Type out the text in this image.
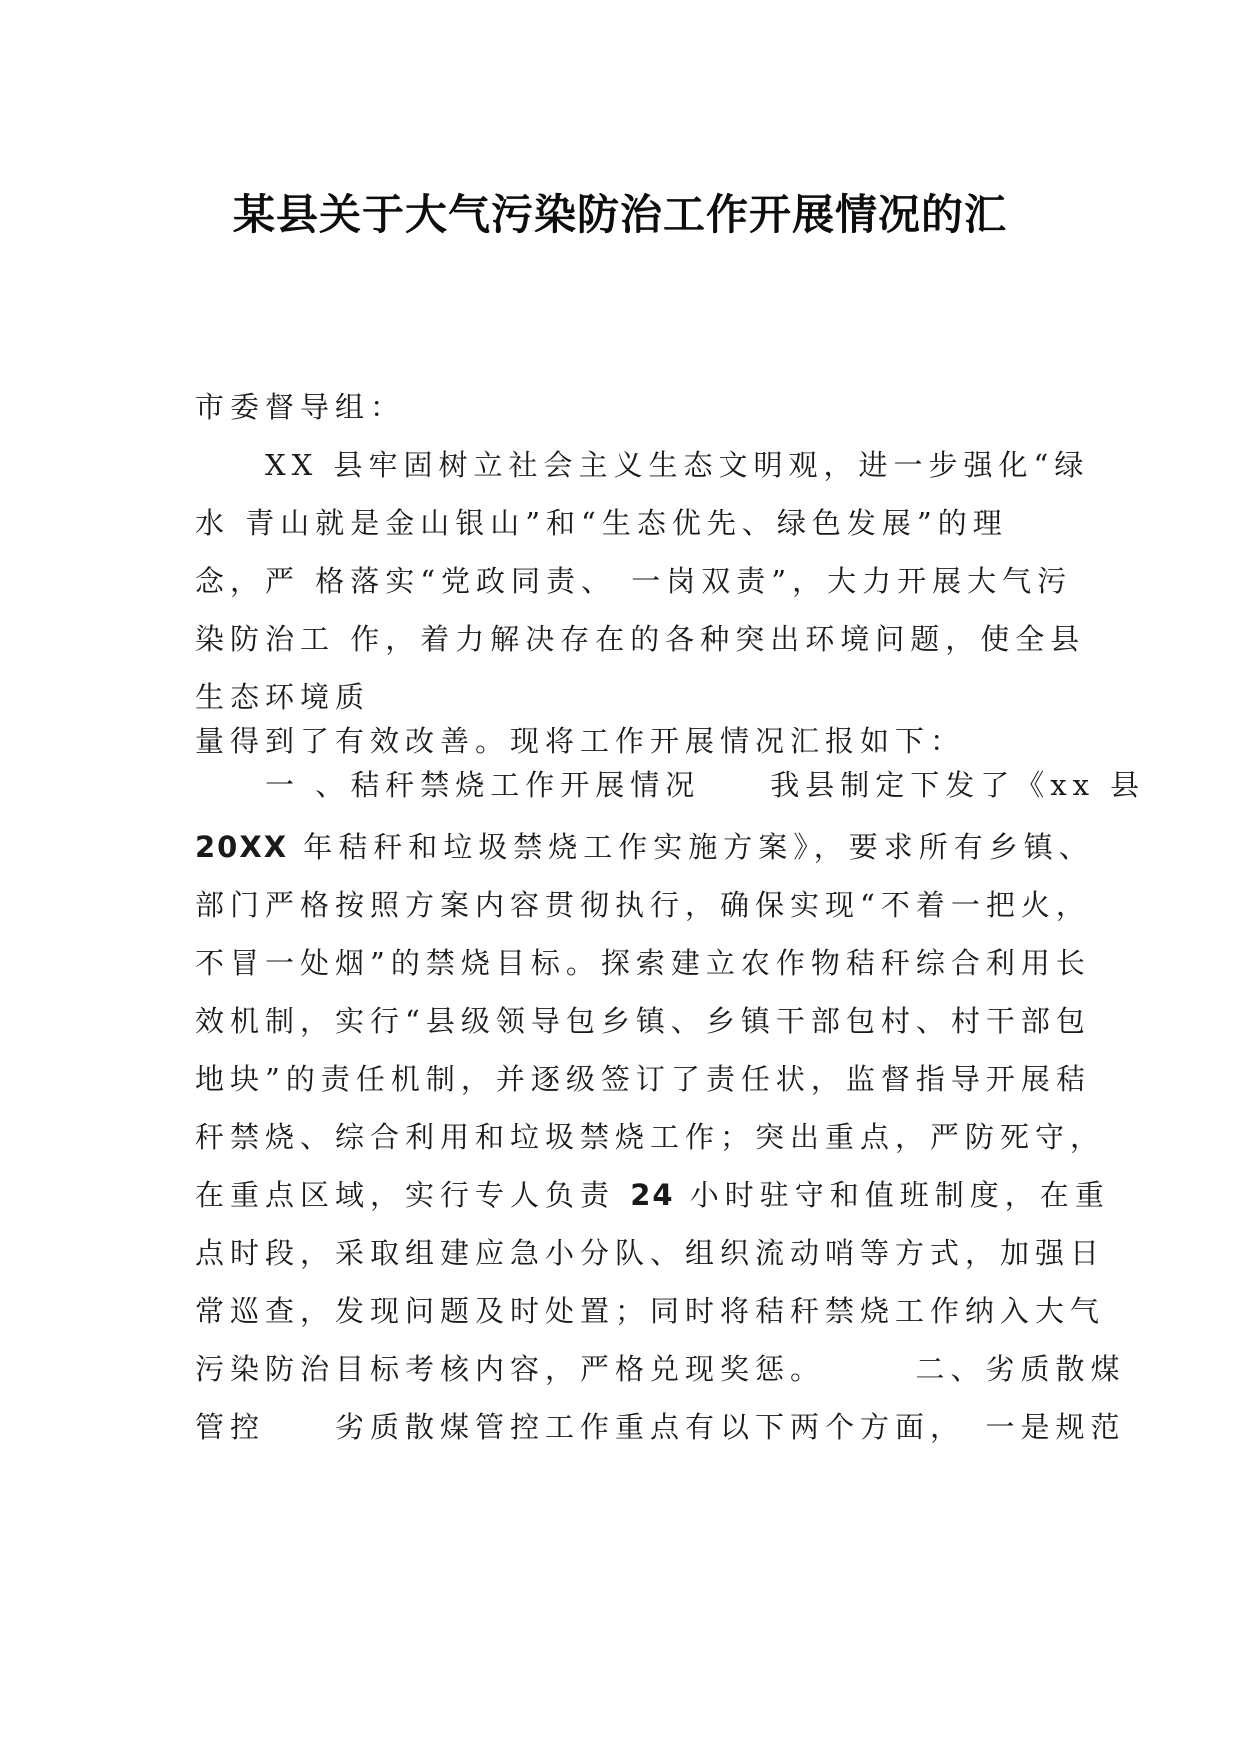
某县关于大气污染防治工作开展情况的汇
市委督导组：
　　XX 县牢固树立社会主义生态文明观，进一步强化“绿
水 青山就是金山银山”和“生态优先、绿色发展”的理
念，严 格落实“党政同责、 一岗双责”，大力开展大气污
染防治工 作，着力解决存在的各种突出环境问题，使全县
生态环境质
量得到了有效改善。现将工作开展情况汇报如下：
　　一 、秸秆禁烧工作开展情况　　我县制定下发了《xx 县
20XX 年秸秆和垃圾禁烧工作实施方案》，要求所有乡镇、
部门严格按照方案内容贯彻执行，确保实现“不着一把火，
不冒一处烟”的禁烧目标。探索建立农作物秸秆综合利用长
效机制，实行“县级领导包乡镇、乡镇干部包村、村干部包
地块”的责任机制，并逐级签订了责任状，监督指导开展秸
秆禁烧、综合利用和垃圾禁烧工作；突出重点，严防死守，
在重点区域，实行专人负责 24 小时驻守和值班制度，在重
点时段，采取组建应急小分队、组织流动哨等方式，加强日
常巡查，发现问题及时处置；同时将秸秆禁烧工作纳入大气
污染防治目标考核内容，严格兑现奖惩。　　　二、劣质散煤
管控　　劣质散煤管控工作重点有以下两个方面，　一是规范
